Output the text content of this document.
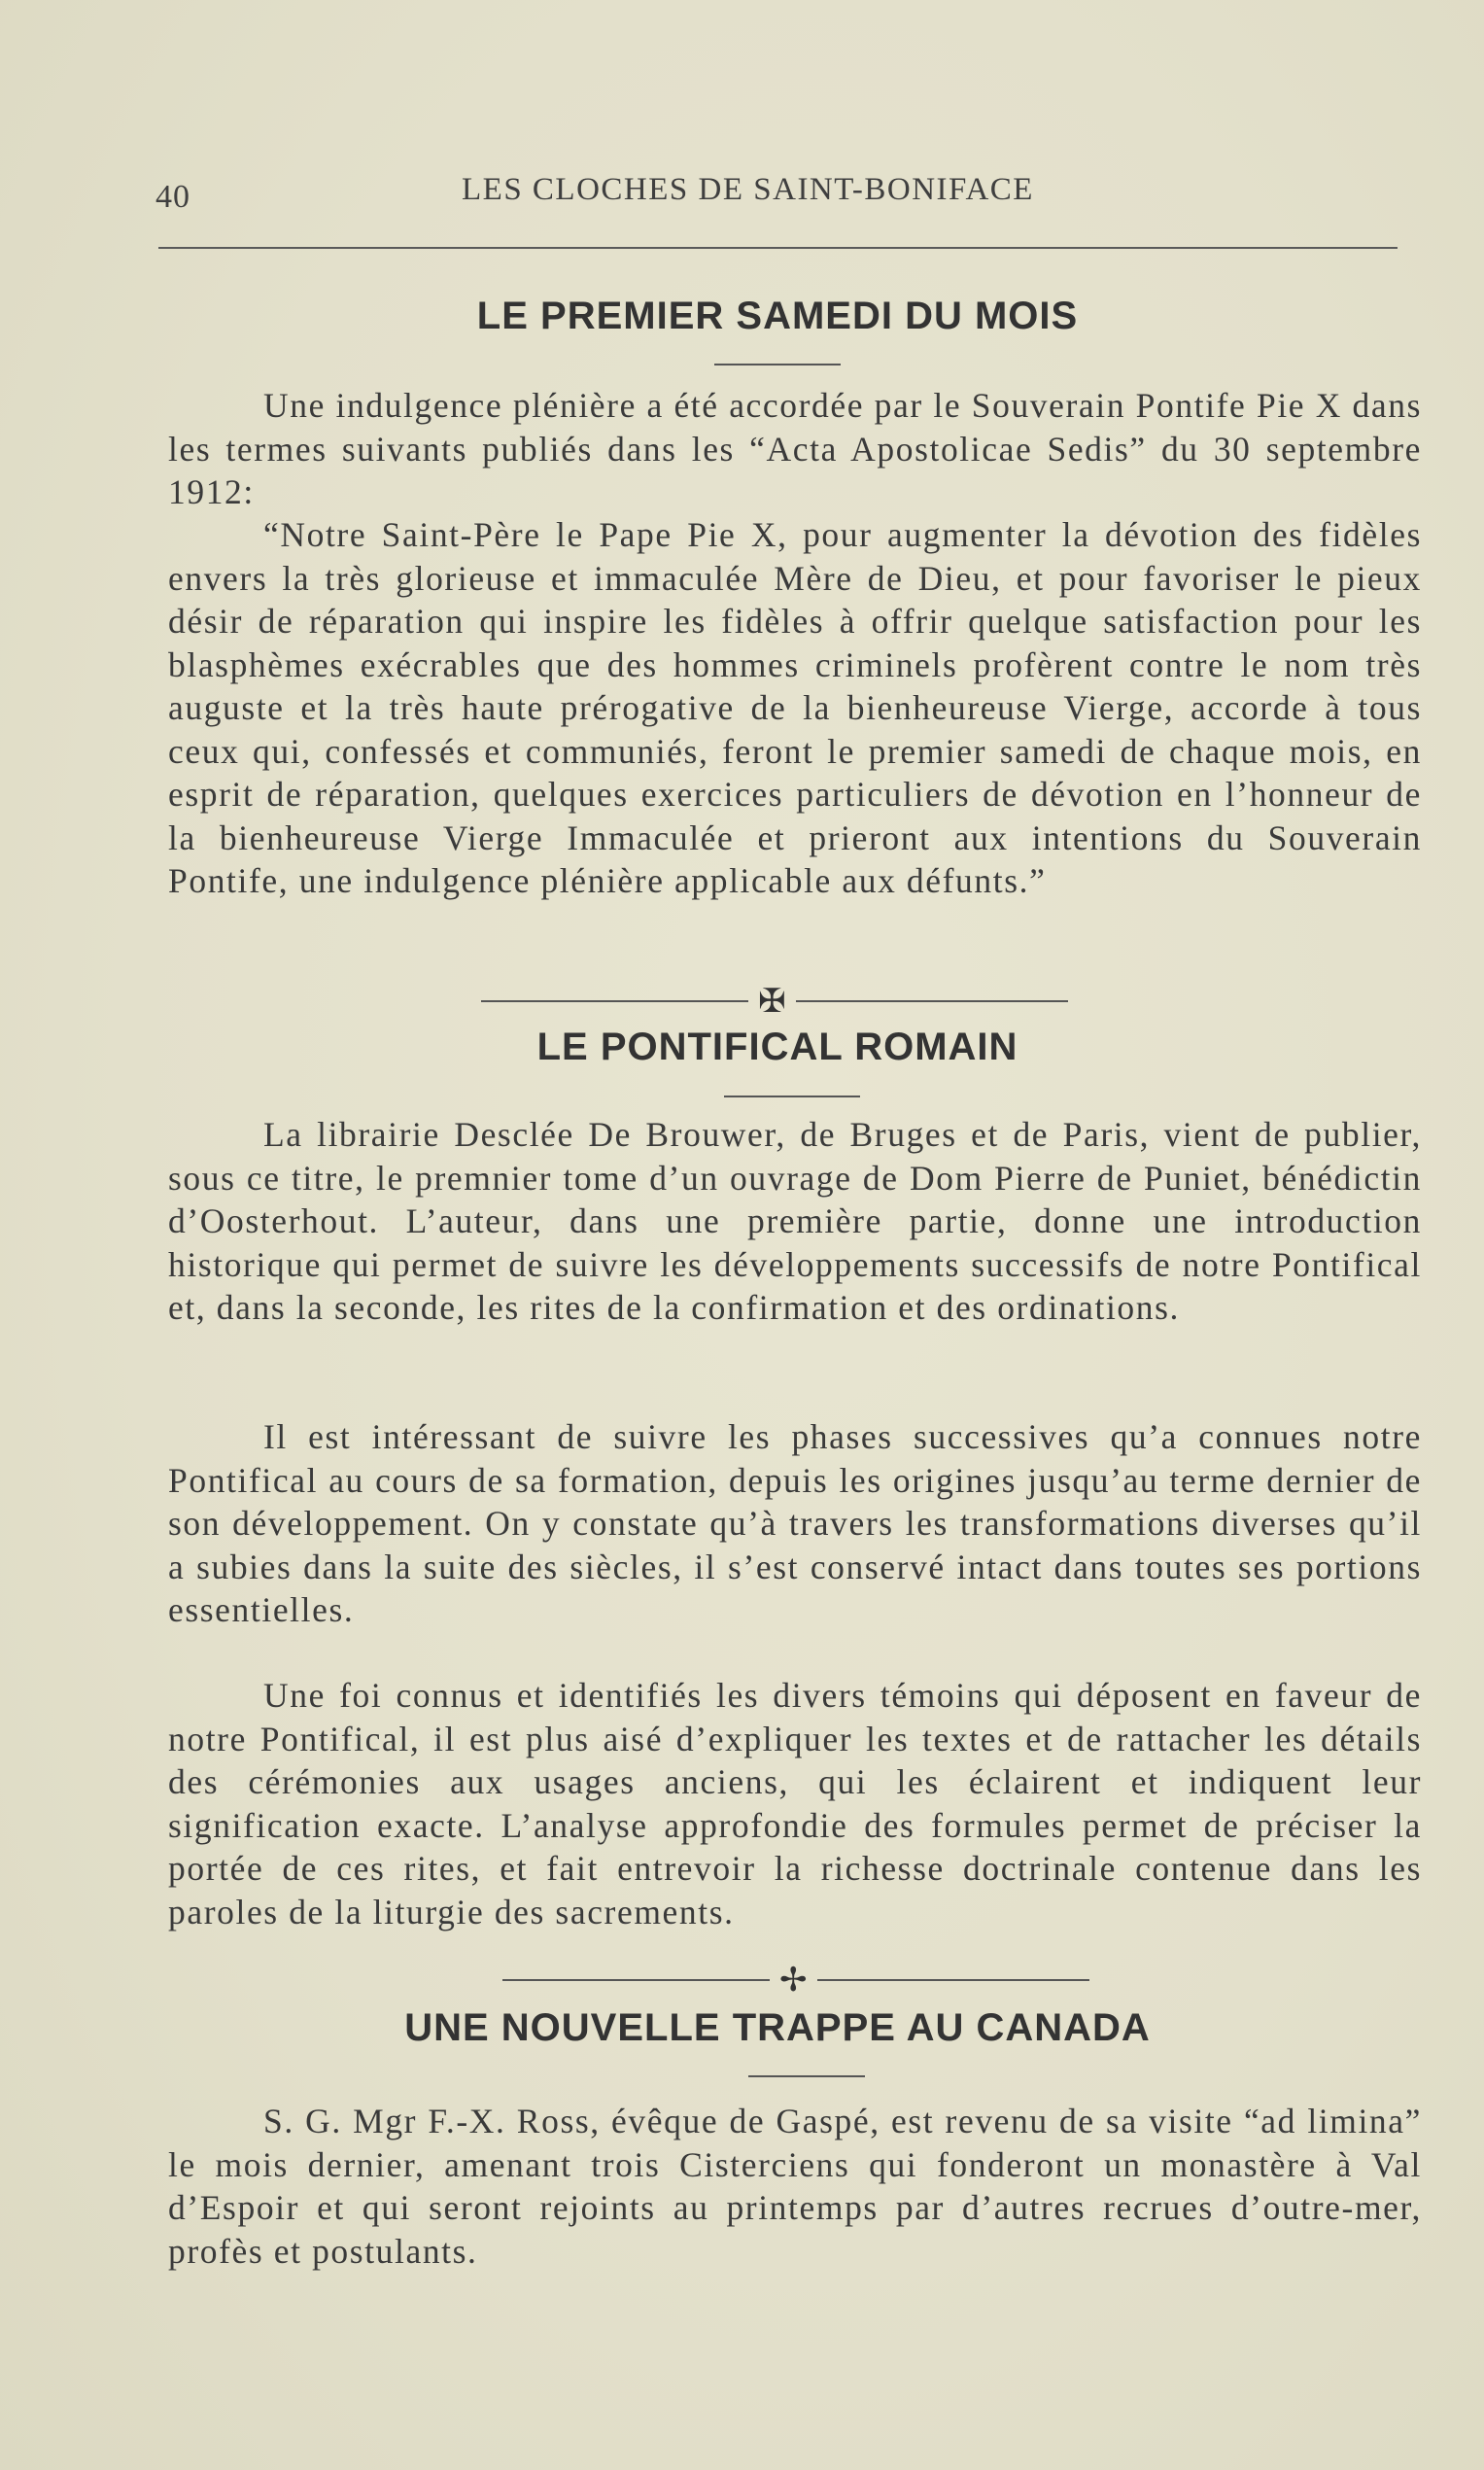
40	LES CLOCHES DE SAINT-BONIFACE
LE PREMIER SAMEDI DU MOIS

Une indulgence plénière a été accordée par le Souverain Pontife Pie X dans les termes suivants publiés dans les “Acta Apostolicae Sedis” du 30 septembre 1912:

“Notre Saint-Père le Pape Pie X, pour augmenter la dévotion des fidèles envers la très glorieuse et immaculée Mère de Dieu, et pour favoriser le pieux désir de réparation qui inspire les fidèles à offrir quelque satisfaction pour les blasphèmes exécrables que des hommes criminels profèrent contre le nom très auguste et la très haute prérogative de la bienheureuse Vierge, accorde à tous ceux qui, confessés et communiés, feront le premier samedi de chaque mois, en esprit de réparation, quelques exercices particuliers de dévotion en l’honneur de la bienheureuse Vierge Immaculée et prieront aux intentions du Souverain Pontife, une indulgence plénière applicable aux défunts.”

✠
LE PONTIFICAL ROMAIN

La librairie Desclée De Brouwer, de Bruges et de Paris, vient de publier, sous ce titre, le premnier tome d’un ouvrage de Dom Pierre de Puniet, bénédictin d’Oosterhout. L’auteur, dans une première partie, donne une introduction historique qui permet de suivre les développements successifs de notre Pontifical et, dans la seconde, les rites de la confirmation et des ordinations.

Il est intéressant de suivre les phases successives qu’a connues notre Pontifical au cours de sa formation, depuis les origines jusqu’au terme dernier de son développement. On y constate qu’à travers les transformations diverses qu’il a subies dans la suite des siècles, il s’est conservé intact dans toutes ses portions essentielles.

Une foi connus et identifiés les divers témoins qui déposent en faveur de notre Pontifical, il est plus aisé d’expliquer les textes et de rattacher les détails des cérémonies aux usages anciens, qui les éclairent et indiquent leur signification exacte. L’analyse approfondie des formules permet de préciser la portée de ces rites, et fait entrevoir la richesse doctrinale contenue dans les paroles de la liturgie des sacrements.

✢
UNE NOUVELLE TRAPPE AU CANADA

S. G. Mgr F.-X. Ross, évêque de Gaspé, est revenu de sa visite “ad limina” le mois dernier, amenant trois Cisterciens qui fonderont un monastère à Val d’Espoir et qui seront rejoints au printemps par d’autres recrues d’outre-mer, profès et postulants.
